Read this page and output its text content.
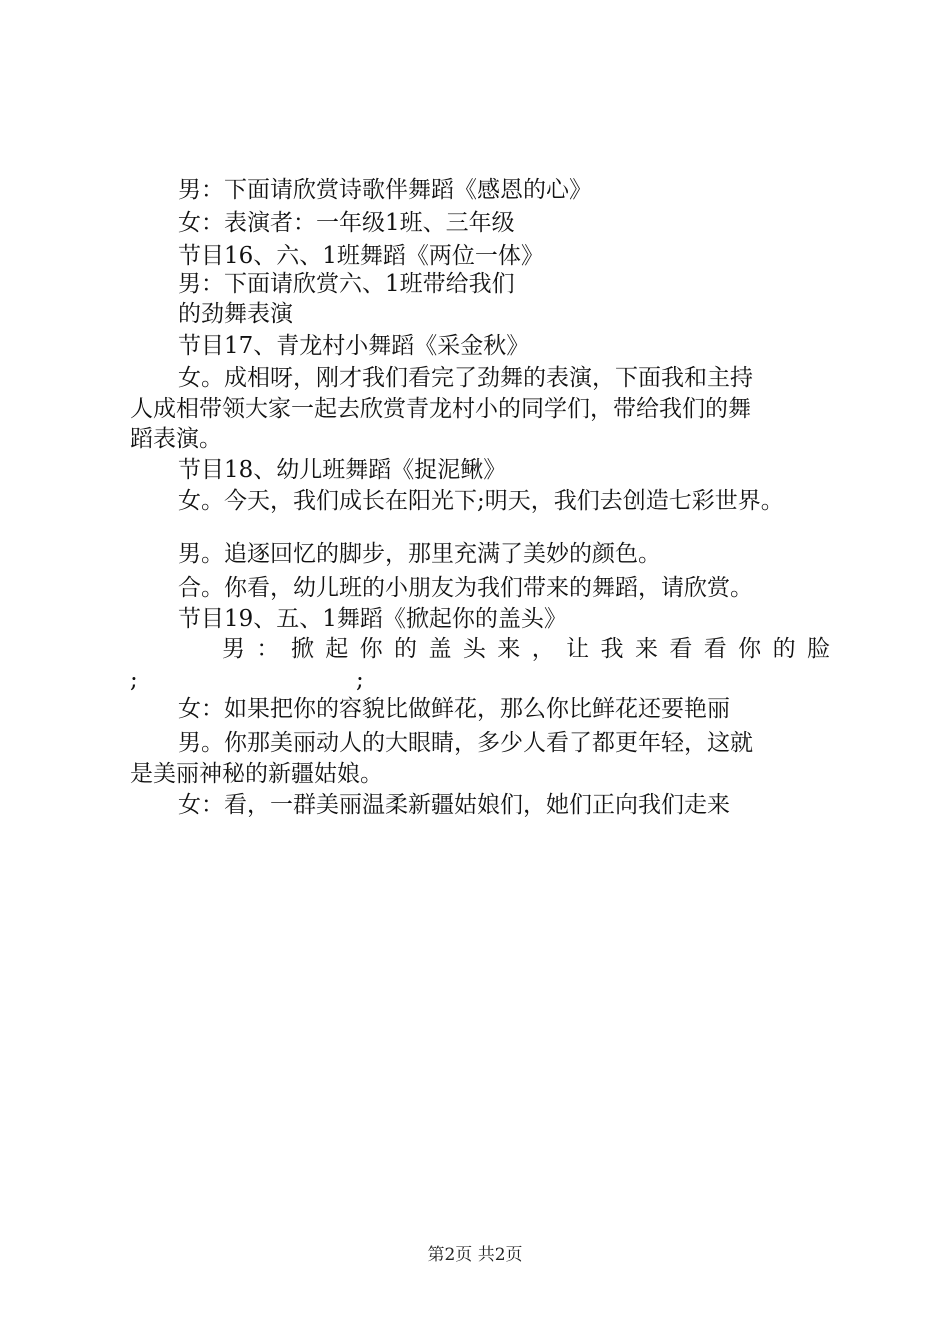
男：下面请欣赏诗歌伴舞蹈《感恩的心》
女：表演者：一年级1班、三年级
节目16、六、1班舞蹈《两位一体》
男：下面请欣赏六、1班带给我们
的劲舞表演
节目17、青龙村小舞蹈《采金秋》
女。成相呀，刚才我们看完了劲舞的表演，下面我和主持
人成相带领大家一起去欣赏青龙村小的同学们，带给我们的舞
蹈表演。
节目18、幼儿班舞蹈《捉泥鳅》
女。今天，我们成长在阳光下;明天，我们去创造七彩世界。
男。追逐回忆的脚步，那里充满了美妙的颜色。
合。你看，幼儿班的小朋友为我们带来的舞蹈，请欣赏。
节目19、五、1舞蹈《掀起你的盖头》
男：掀起你的盖头来，让我来看看你的脸
;	;
女：如果把你的容貌比做鲜花，那么你比鲜花还要艳丽
男。你那美丽动人的大眼睛，多少人看了都更年轻，这就
是美丽神秘的新疆姑娘。
女：看，一群美丽温柔新疆姑娘们，她们正向我们走来
第2页 共2页
